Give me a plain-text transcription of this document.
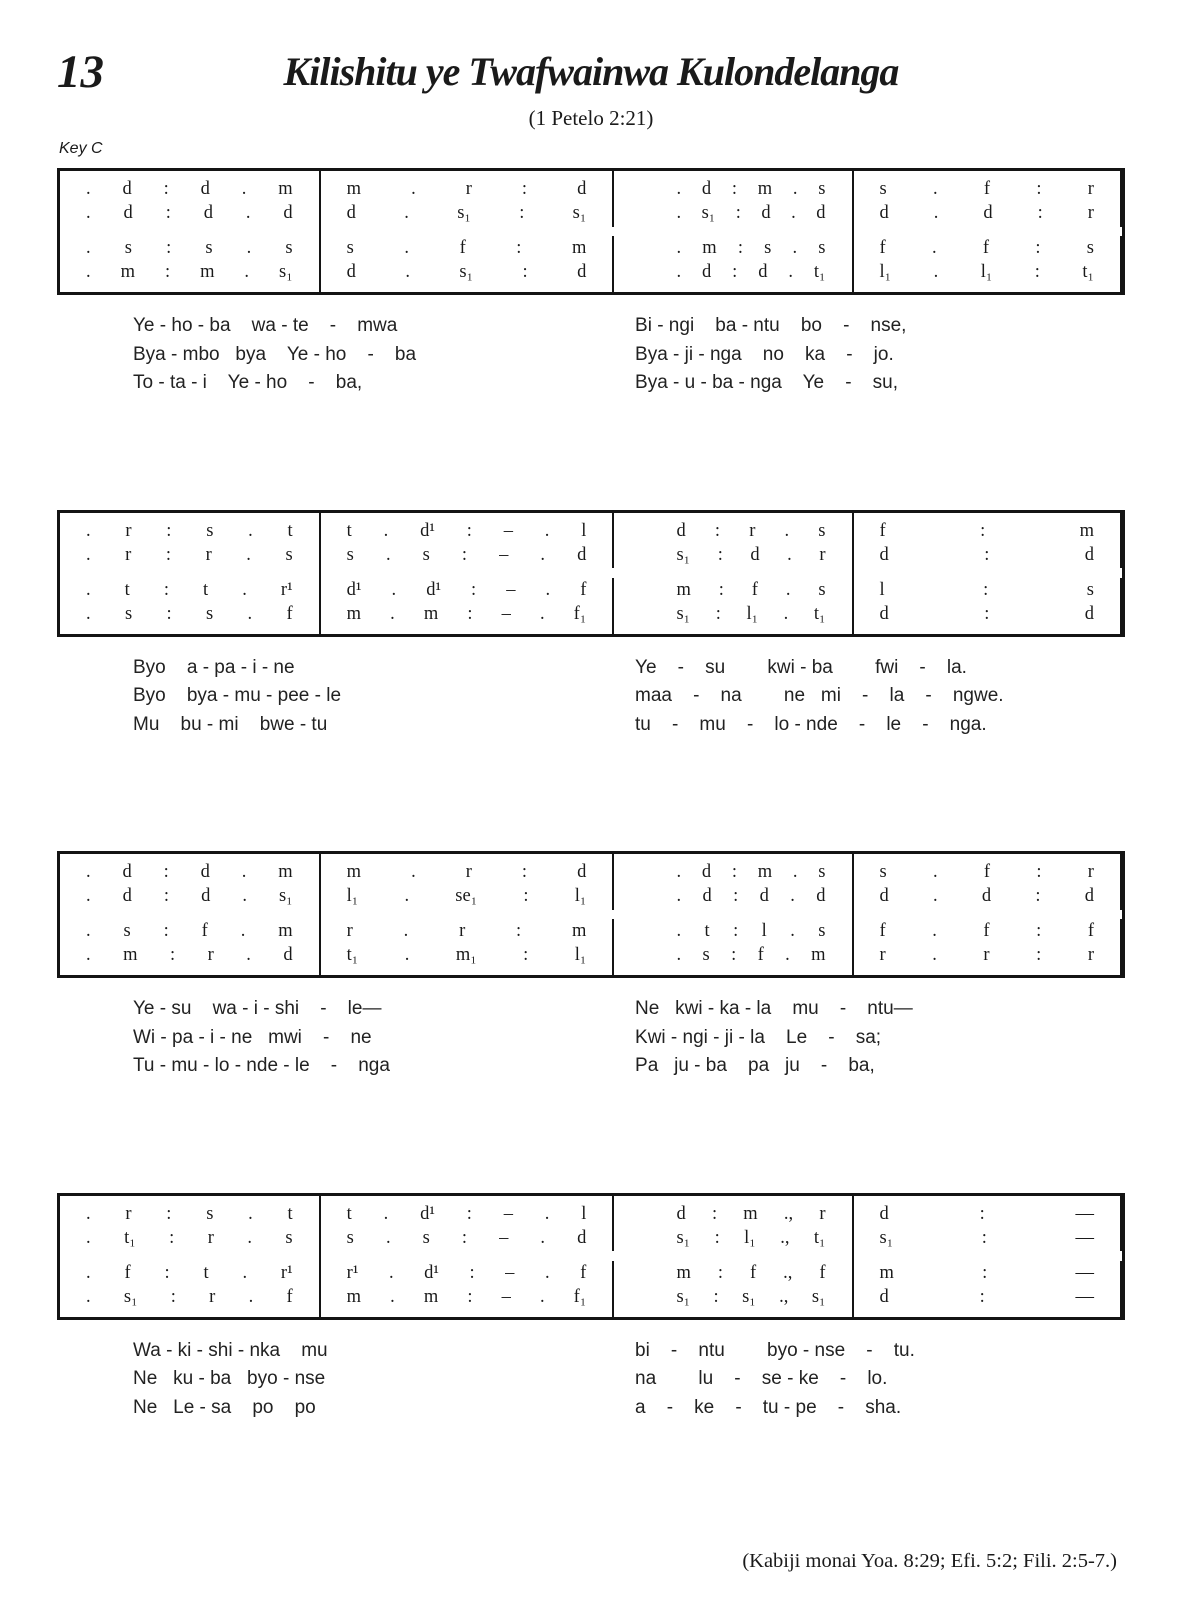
13	Kilishitu ye Twafwainwa Kulondelanga
(1 Petelo 2:21)
Key C
. d : d . m
. d : d . d
. s : s . s
. m : m . s₁
m	.	r	:	d
d	.	s₁	:	s₁
s	.	f	:	m
d	.	s₁	:	d
. d : m . s
. s₁ : d . d
. m : s . s
. d : d . t₁
s	.	f	:	r
d . d : r
f	.	f	:	s
l₁ . l₁ : t₁
Ye - ho - ba    wa - te    -    mwa	Bi - ngi    ba - ntu    bo    -    nse,
Bya - mbo   bya    Ye - ho    -    ba	Bya - ji - nga    no    ka    -    jo.
To - ta - i    Ye - ho    -    ba,	Bya - u - ba - nga    Ye    -    su,
. r : s . t
. r : r . s
. t : t . r¹
. s : s . f
t . d¹ : – . l
s . s : – . d
d¹ . d¹ : – . f
m . m : – . f₁
d : r . s
s₁ : d . r
m : f . s
s₁ : l₁ . t₁
f	:	m
d	:	d
l	:	s
d	:	d
Byo    a - pa - i - ne	Ye    -    su        kwi - ba        fwi    -    la.
Byo    bya - mu - pee - le	maa    -    na        ne   mi    -    la    -    ngwe.
Mu    bu - mi    bwe - tu	tu    -    mu    -    lo - nde    -    le    -    nga.
. d : d . m
. d : d . s₁
. s : f . m
. m : r . d
m	.	r	:	d
l₁ . se₁ : l₁
r	.	r	:	m
t₁	.	m₁	:	l₁
. d : m . s
. d : d . d
. t : l . s
. s : f . m
s	.	f	:	r
d . d : d
f	.	f	:	f
r	.	r	:	r
Ye - su    wa - i - shi    -    le—	Ne   kwi - ka - la    mu    -    ntu—
Wi - pa - i - ne   mwi    -    ne	Kwi - ngi - ji - la    Le    -    sa;
Tu - mu - lo - nde - le    -    nga	Pa   ju - ba    pa   ju    -    ba,
. r : s . t
. t₁ : r . s
. f : t . r¹
. s₁ : r . f
t . d¹ : – . l
s . s : – . d
r¹ . d¹ : – . f
m . m : – . f₁
d : m ., r
s₁ : l₁ ., t₁
m : f ., f
s₁ : s₁ ., s₁
d	:	—
s₁	:	—
m	:	—
d	:	—
Wa - ki - shi - nka    mu	bi    -    ntu        byo - nse    -    tu.
Ne   ku - ba   byo - nse	na        lu    -    se - ke    -    lo.
Ne   Le - sa    po    po	a    -    ke    -    tu - pe    -    sha.
(Kabiji monai Yoa. 8:29; Efi. 5:2; Fili. 2:5-7.)
